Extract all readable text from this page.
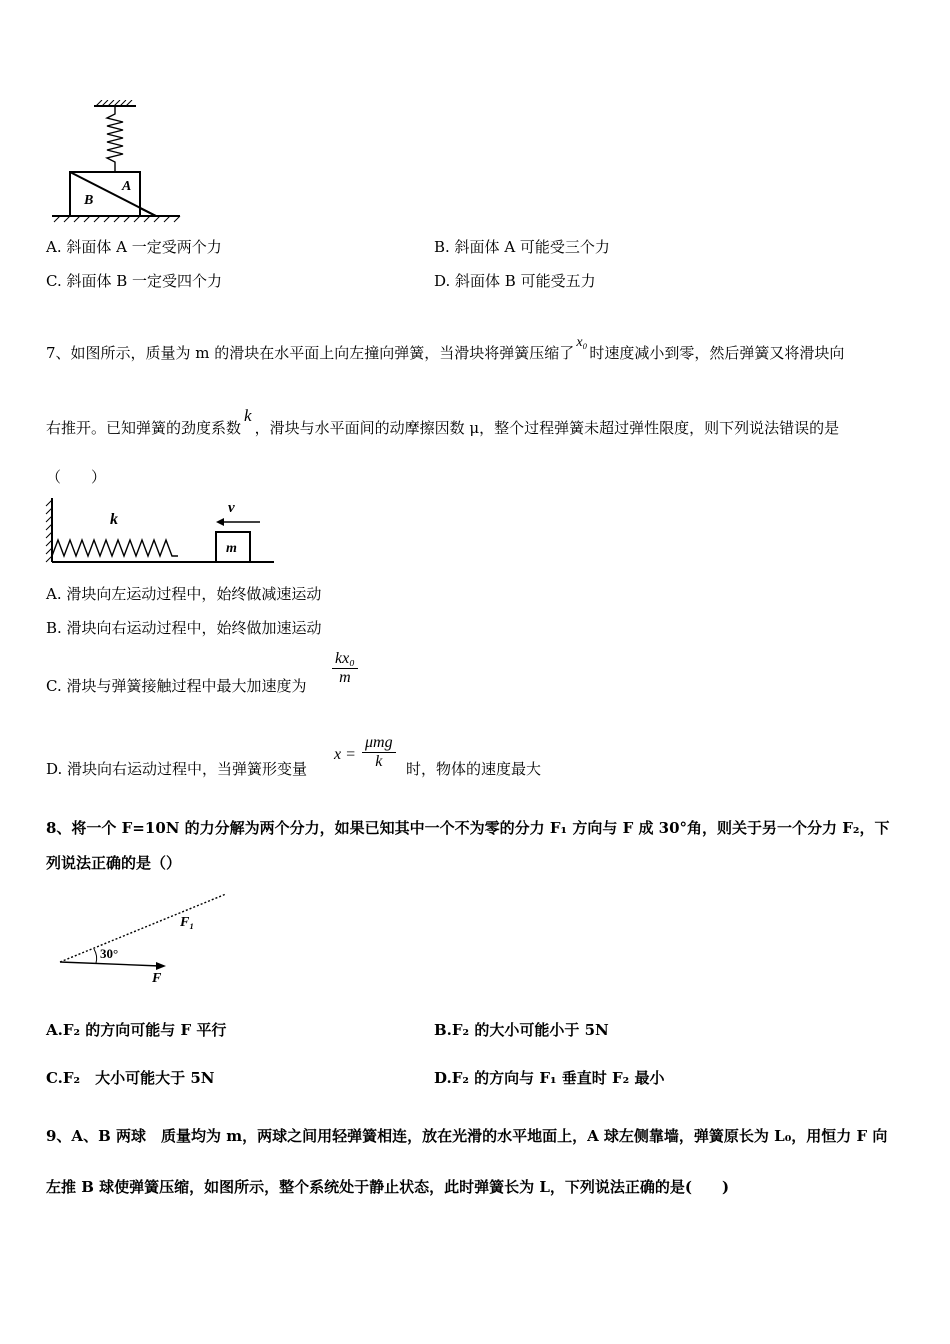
A
B
A. 斜面体 A 一定受两个力	B. 斜面体 A 可能受三个力
C. 斜面体 B 一定受四个力	D. 斜面体 B 可能受五力
7、如图所示，质量为 m 的滑块在水平面上向左撞向弹簧，当滑块将弹簧压缩了x₀时速度减小到零，然后弹簧又将滑块向
右推开。已知弹簧的劲度系数k，滑块与水平面间的动摩擦因数 μ，整个过程弹簧未超过弹性限度，则下列说法错误的是
（　　）
k
m
v
A. 滑块向左运动过程中，始终做减速运动
B. 滑块向右运动过程中，始终做加速运动
C. 滑块与弹簧接触过程中最大加速度为 $\frac{\text{kx₀}}{m}$
D. 滑块向右运动过程中，当弹簧形变量
x =
μmg
k	时，物体的速度最大
8、将一个 F=10N 的力分解为两个分力，如果已知其中一个不为零的分力 F₁ 方向与 F 成 30°角，则关于另一个分力 F₂，下
列说法正确的是（）
F₁
30°
F
A.F₂ 的方向可能与 F 平行	B.F₂ 的大小可能小于 5N
C.F₂　大小可能大于 5N	D.F₂ 的方向与 F₁ 垂直时 F₂ 最小
9、A、B 两球　质量均为 m，两球之间用轻弹簧相连，放在光滑的水平地面上，A 球左侧靠墙，弹簧原长为 L₀，用恒力 F 向
左推 B 球使弹簧压缩，如图所示，整个系统处于静止状态，此时弹簧长为 L，下列说法正确的是(　　)
